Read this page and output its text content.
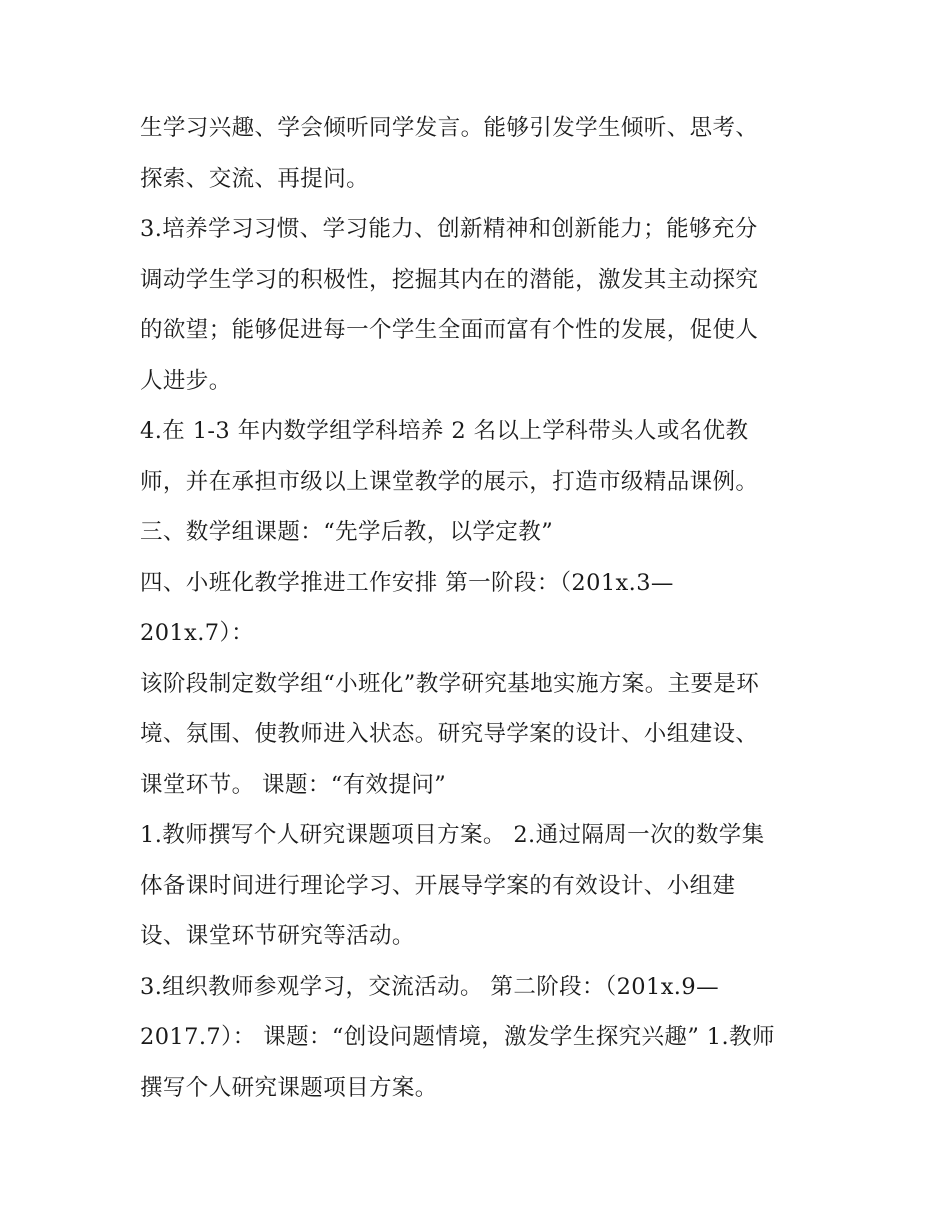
生学习兴趣、学会倾听同学发言。能够引发学生倾听、思考、
探索、交流、再提问。
3.培养学习习惯、学习能力、创新精神和创新能力；能够充分
调动学生学习的积极性，挖掘其内在的潜能，激发其主动探究
的欲望；能够促进每一个学生全面而富有个性的发展，促使人
人进步。
4.在 1-3 年内数学组学科培养 2 名以上学科带头人或名优教
师，并在承担市级以上课堂教学的展示，打造市级精品课例。
三、数学组课题：“先学后教，以学定教”
四、小班化教学推进工作安排 第一阶段：（201x.3—
201x.7）：
该阶段制定数学组“小班化”教学研究基地实施方案。主要是环
境、氛围、使教师进入状态。研究导学案的设计、小组建设、
课堂环节。 课题：“有效提问”
1.教师撰写个人研究课题项目方案。 2.通过隔周一次的数学集
体备课时间进行理论学习、开展导学案的有效设计、小组建
设、课堂环节研究等活动。
3.组织教师参观学习，交流活动。 第二阶段：（201x.9—
2017.7）： 课题：“创设问题情境，激发学生探究兴趣” 1.教师
撰写个人研究课题项目方案。
